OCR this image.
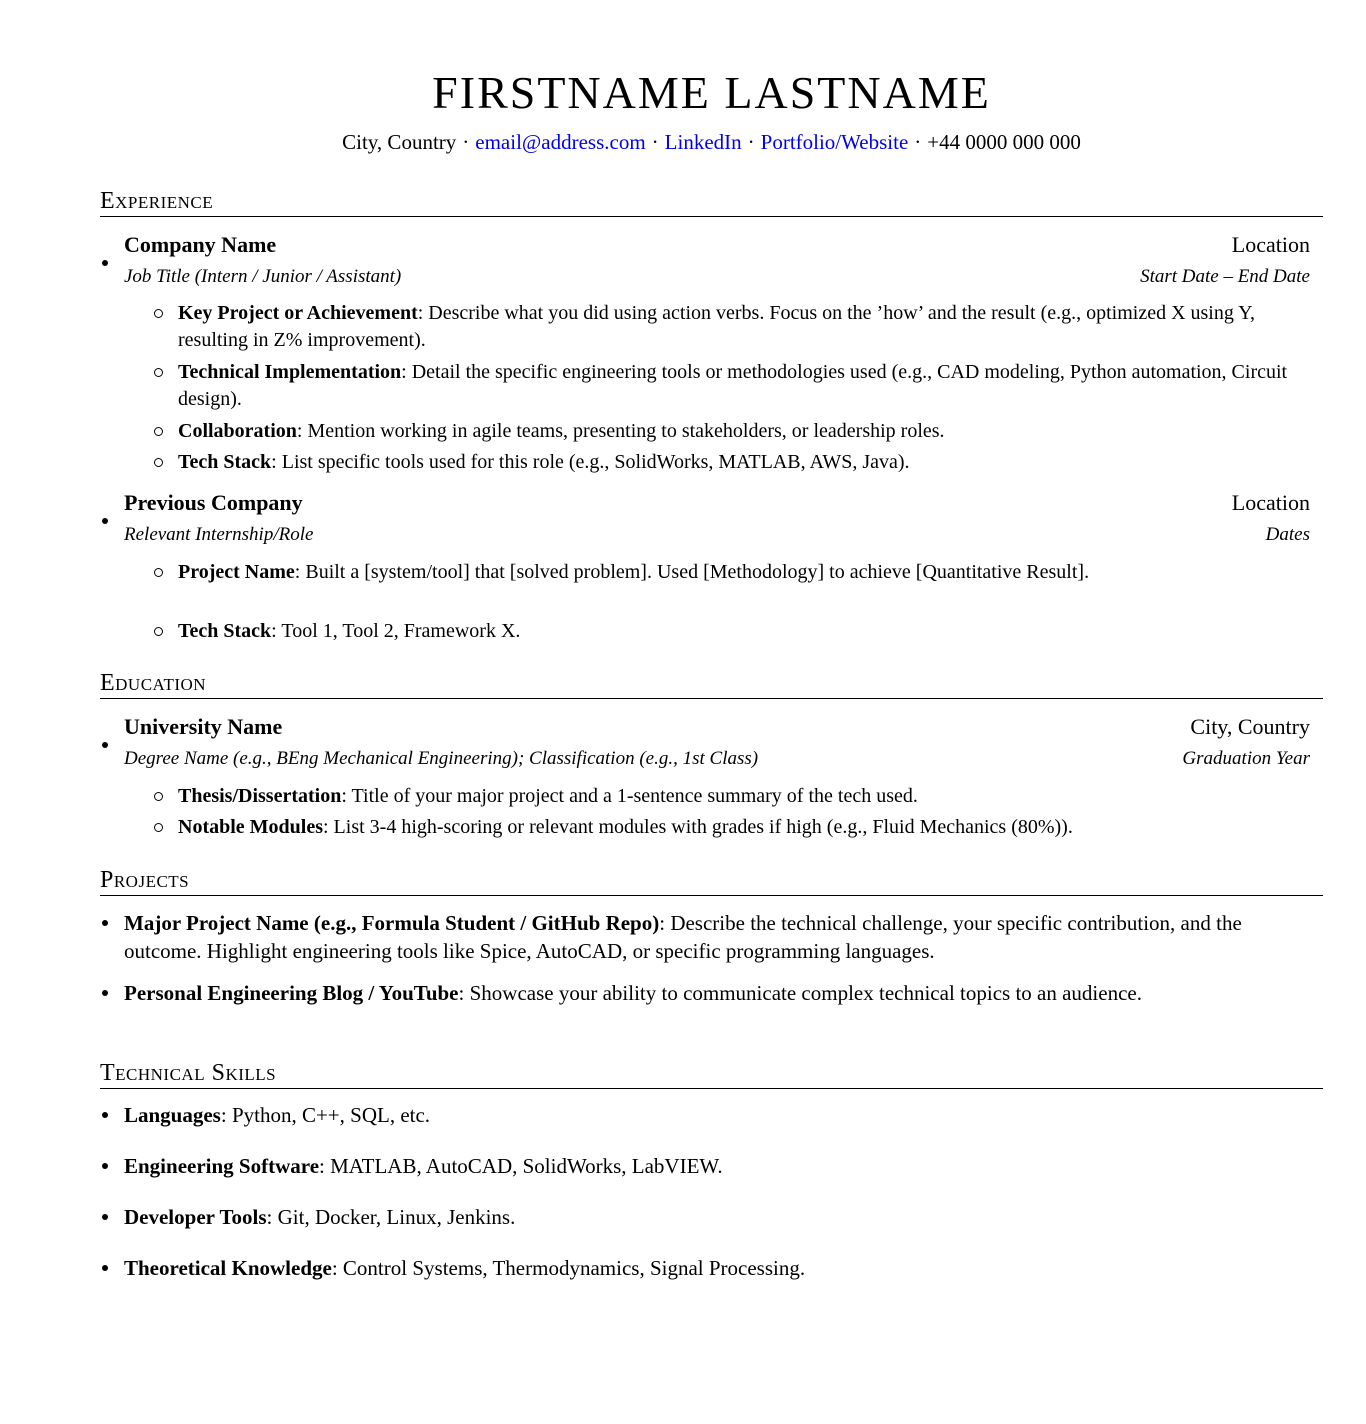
FIRSTNAME LASTNAME
City, Country · email@address.com · LinkedIn · Portfolio/Website · +44 0000 000 000
Experience
Company Name	Location
Job Title (Intern / Junior / Assistant)	Start Date – End Date
Key Project or Achievement: Describe what you did using action verbs. Focus on the ’how’ and the result (e.g., optimized X using Y, resulting in Z% improvement).
Technical Implementation: Detail the specific engineering tools or methodologies used (e.g., CAD modeling, Python automation, Circuit design).
Collaboration: Mention working in agile teams, presenting to stakeholders, or leadership roles.
Tech Stack: List specific tools used for this role (e.g., SolidWorks, MATLAB, AWS, Java).
Previous Company	Location
Relevant Internship/Role	Dates
Project Name: Built a [system/tool] that [solved problem]. Used [Methodology] to achieve [Quantitative Result].
Tech Stack: Tool 1, Tool 2, Framework X.
Education
University Name	City, Country
Degree Name (e.g., BEng Mechanical Engineering); Classification (e.g., 1st Class)	Graduation Year
Thesis/Dissertation: Title of your major project and a 1-sentence summary of the tech used.
Notable Modules: List 3-4 high-scoring or relevant modules with grades if high (e.g., Fluid Mechanics (80%)).
Projects
Major Project Name (e.g., Formula Student / GitHub Repo): Describe the technical challenge, your specific contribution, and the outcome. Highlight engineering tools like Spice, AutoCAD, or specific programming languages.
Personal Engineering Blog / YouTube: Showcase your ability to communicate complex technical topics to an audience.
Technical Skills
Languages: Python, C++, SQL, etc.
Engineering Software: MATLAB, AutoCAD, SolidWorks, LabVIEW.
Developer Tools: Git, Docker, Linux, Jenkins.
Theoretical Knowledge: Control Systems, Thermodynamics, Signal Processing.
